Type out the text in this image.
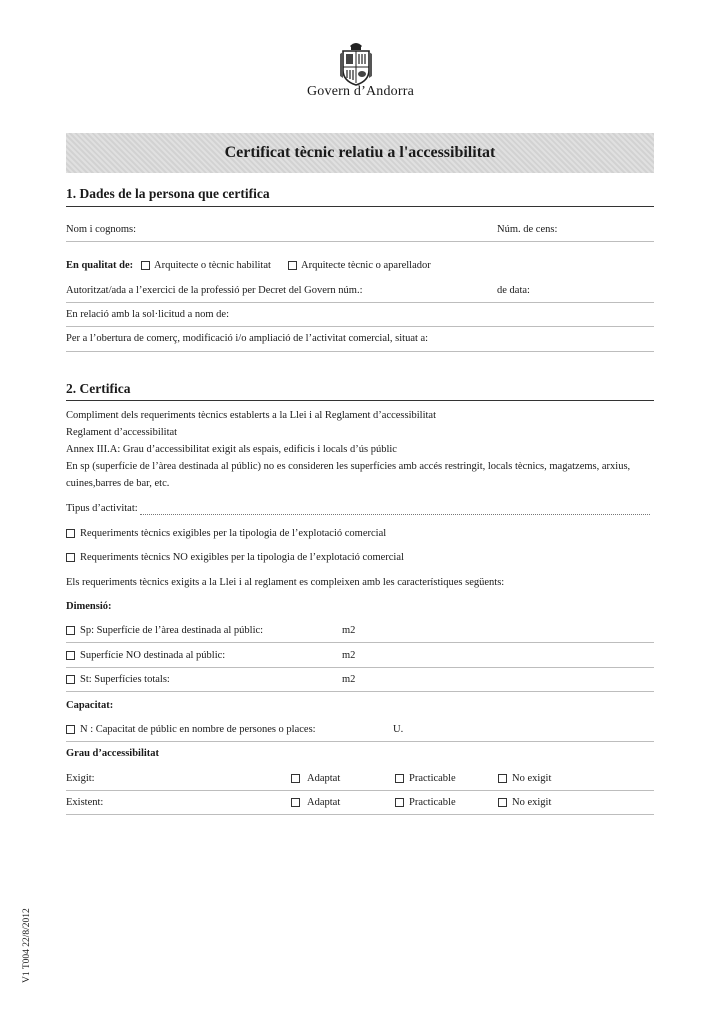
Govern d’Andorra
Certificat tècnic relatiu a l'accessibilitat
1. Dades de la persona que certifica
Nom i cognoms:	Núm. de cens:
En qualitat de: Arquitecte o tècnic habilitat	Arquitecte tècnic o aparellador
Autoritzat/ada a l’exercici de la professió per Decret del Govern núm.:	de data:
En relació amb la sol·licitud a nom de:
Per a l’obertura de comerç, modificació i/o ampliació de l’activitat comercial, situat a:
2. Certifica
Compliment dels requeriments tècnics establerts a la Llei i al Reglament d’accessibilitat
Reglament d’accessibilitat
Annex III.A: Grau d’accessibilitat exigit als espais, edificis i locals d’ús públic
En sp (superfície de l’àrea destinada al públic) no es consideren les superfícies amb accés restringit, locals tècnics, magatzems, arxius,
cuines,barres de bar, etc.
Tipus d’activitat:
Requeriments tècnics exigibles per la tipologia de l’explotació comercial
Requeriments tècnics NO exigibles per la tipologia de l’explotació comercial
Els requeriments tècnics exigits a la Llei i al reglament es compleixen amb les característiques següents:
Dimensió:
Sp: Superfície de l’àrea destinada al públic:	m2
Superfície NO destinada al públic:	m2
St: Superfícies totals:	m2
Capacitat:
N : Capacitat de públic en nombre de persones o places:	U.
Grau d’accessibilitat
Exigit:	Adaptat	Practicable	No exigit
Existent:	Adaptat	Practicable	No exigit
V1 T004 22/8/2012
